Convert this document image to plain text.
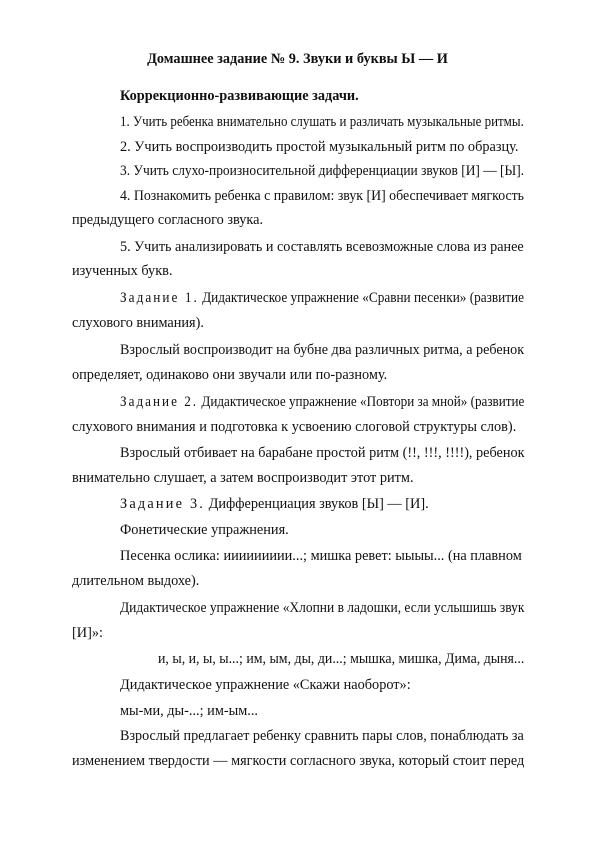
Домашнее задание № 9. Звуки и буквы Ы — И
Коррекционно-развивающие задачи.
1. Учить ребенка внимательно слушать и различать музыкальные ритмы.
2. Учить воспроизводить простой музыкальный ритм по образцу.
3. Учить слухо-произносительной дифференциации звуков [И] — [Ы].
4. Познакомить ребенка с правилом: звук [И] обеспечивает мягкость
предыдущего согласного звука.
5. Учить анализировать и составлять всевозможные слова из ранее
изученных букв.
Задание 1. Дидактическое упражнение «Сравни песенки» (развитие
слухового внимания).
Взрослый воспроизводит на бубне два различных ритма, а ребенок
определяет, одинаково они звучали или по-разному.
Задание 2. Дидактическое упражнение «Повтори за мной» (развитие
слухового внимания и подготовка к усвоению слоговой структуры слов).
Взрослый отбивает на барабане простой ритм (!!, !!!, !!!!), ребенок
внимательно слушает, а затем воспроизводит этот ритм.
Задание 3. Дифференциация звуков [Ы] — [И].
Фонетические упражнения.
Песенка ослика: иииииииии...; мишка ревет: ыыыы... (на плавном
длительном выдохе).
Дидактическое упражнение «Хлопни в ладошки, если услышишь звук
[И]»:
и, ы, и, ы, ы...; им, ым, ды, ди...; мышка, мишка, Дима, дыня...
Дидактическое упражнение «Скажи наоборот»:
мы-ми, ды-...; им-ым...
Взрослый предлагает ребенку сравнить пары слов, понаблюдать за
изменением твердости — мягкости согласного звука, который стоит перед
